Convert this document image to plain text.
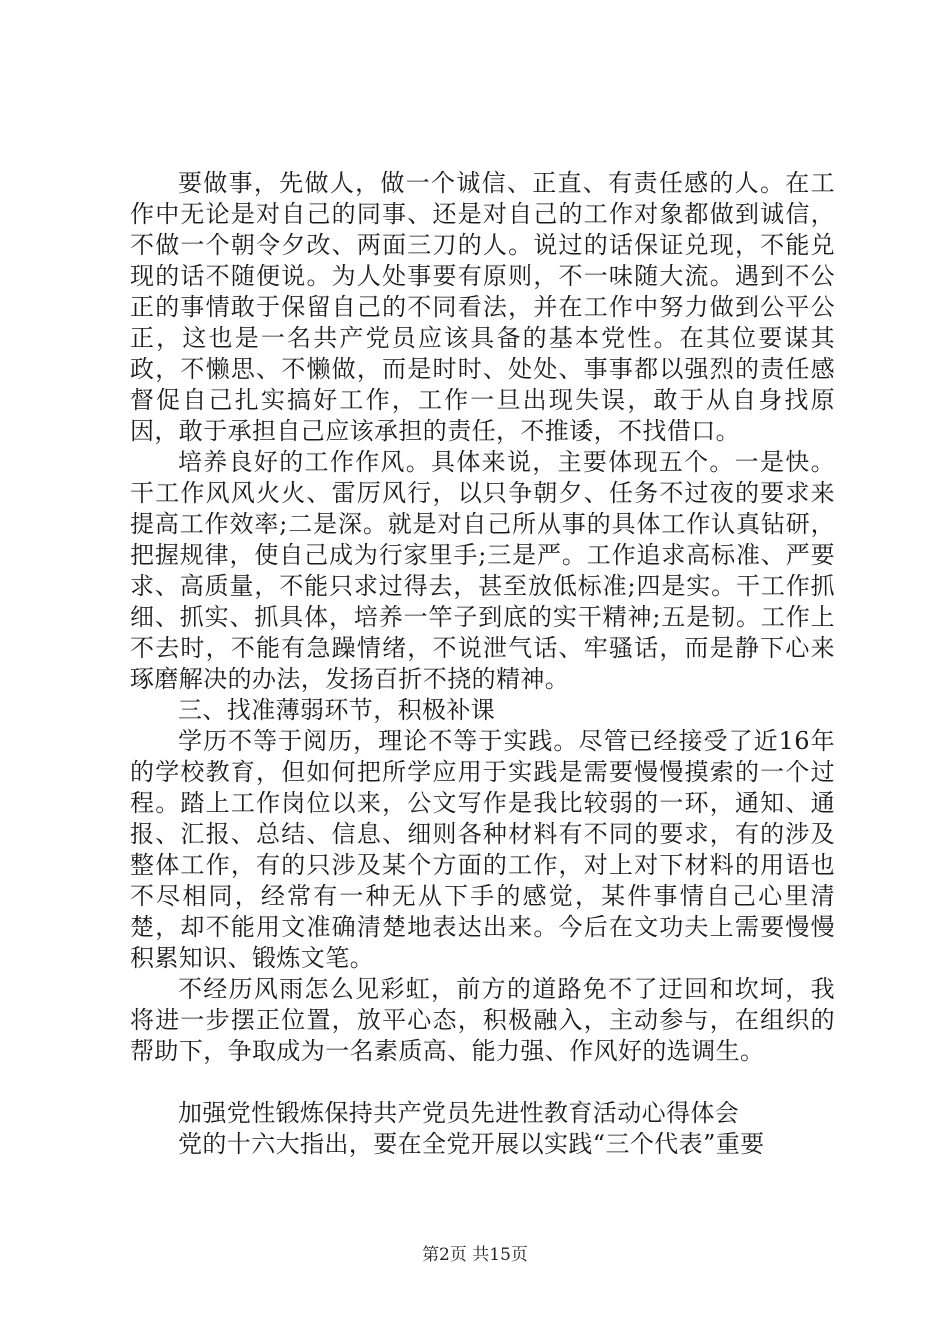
要做事，先做人，做一个诚信、正直、有责任感的人。在工作中无论是对自己的同事、还是对自己的工作对象都做到诚信，不做一个朝令夕改、两面三刀的人。说过的话保证兑现，不能兑现的话不随便说。为人处事要有原则，不一味随大流。遇到不公正的事情敢于保留自己的不同看法，并在工作中努力做到公平公正，这也是一名共产党员应该具备的基本党性。在其位要谋其政，不懒思、不懒做，而是时时、处处、事事都以强烈的责任感督促自己扎实搞好工作，工作一旦出现失误，敢于从自身找原因，敢于承担自己应该承担的责任，不推诿，不找借口。

培养良好的工作作风。具体来说，主要体现五个。一是快。干工作风风火火、雷厉风行，以只争朝夕、任务不过夜的要求来提高工作效率;二是深。就是对自己所从事的具体工作认真钻研，把握规律，使自己成为行家里手;三是严。工作追求高标准、严要求、高质量，不能只求过得去，甚至放低标准;四是实。干工作抓细、抓实、抓具体，培养一竿子到底的实干精神;五是韧。工作上不去时，不能有急躁情绪，不说泄气话、牢骚话，而是静下心来琢磨解决的办法，发扬百折不挠的精神。

三、找准薄弱环节，积极补课

学历不等于阅历，理论不等于实践。尽管已经接受了近16年的学校教育，但如何把所学应用于实践是需要慢慢摸索的一个过程。踏上工作岗位以来，公文写作是我比较弱的一环，通知、通报、汇报、总结、信息、细则各种材料有不同的要求，有的涉及整体工作，有的只涉及某个方面的工作，对上对下材料的用语也不尽相同，经常有一种无从下手的感觉，某件事情自己心里清楚，却不能用文准确清楚地表达出来。今后在文功夫上需要慢慢积累知识、锻炼文笔。

不经历风雨怎么见彩虹，前方的道路免不了迂回和坎坷，我将进一步摆正位置，放平心态，积极融入，主动参与，在组织的帮助下，争取成为一名素质高、能力强、作风好的选调生。

加强党性锻炼保持共产党员先进性教育活动心得体会

党的十六大指出，要在全党开展以实践“三个代表”重要

第2页 共15页
